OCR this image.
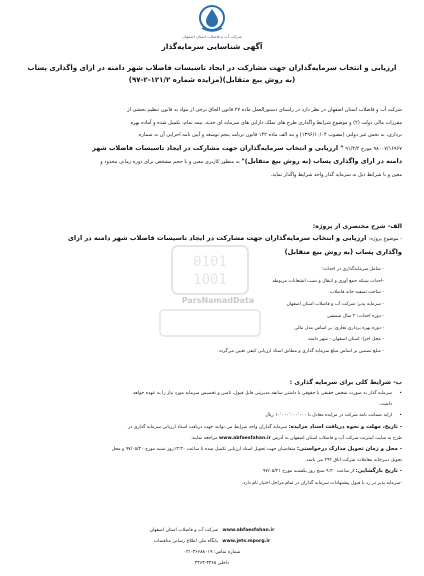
شرکت آب و فاضلاب استان اصفهان
آگهی شناسایی سرمایه‌گذار
ارزیابی و انتخاب سرمایه‌گذاران جهت مشارکت در ایجاد تاسیسات فاضلاب شهر دامنه در ازای واگذاری پساب
(به روش بیع متقابل)(مزایده شماره ۱۲۱/۲-۲-۹۷)
شرکت آب و فاضلاب استان اصفهان در نظر دارد در راستای دستورالعمل ماده ۲۷ قانون الحاق برخی از مواد به قانون تنظیم بخشی از
مقررات مالی دولت (۲) و موضوع شرایط واگذاری طرح های تملک دارایی های سرمایه ای جدید، نیمه تمام، تکمیل شده و آماده بهره
برداری، به بخش غیر دولتی (مصوب ۱۳۹۶/۱۰/۰۴) و بند الف ماده ۱۴۲ قانون برنامه پنجم توسعه و آیین نامه اجرایی آن به شماره
۹۸۰۰۷/۱۶۹۶۷ مورخ ۹۱/۴/۲ " ارزیابی و انتخاب سرمایه‌گذاران جهت مشارکت در ایجاد تاسیسات فاضلاب شهر
دامنه در ازای واگذاری پساب (به روش بیع متقابل)" به منظور کاربری معین و با حجم مشخص برای دوره زمانی محدود و
معین و با شرایط ذیل به سرمایه گذار واجد شرایط واگذار نماید.
0101
1001
ParsNamadData
الف- شرح مختصری از پروژه:
- موضوع پروژه: ارزیابی و انتخاب سرمایه‌گذاران جهت مشارکت در ایجاد تاسیسات فاضلاب شهر دامنه در ازای
واگذاری پساب (به روش بیع متقابل)
- شامل سرمایه‌گذاری در احداث:
-احداث شبکه جمع آوری و انتقال و نصب انشعابات مربوطه
- ساخت تصفیه خانه فاضلاب
- سرمایه پذیر: شرکت آب و فاضلاب استان اصفهان
- دوره احداث: ۲ سال شمسی
- دوره بهره برداری تجاری: بر اساس مدل مالی
- محل اجرا: استان اصفهان - شهر دامنه
- مبلغ تضمین بر اساس مبلغ سرمایه گذاری و مطابق اسناد ارزیابی کیفی تعیین می‌گردد.
ب- شرایط کلی برای سرمایه گذاری :
• سرمایه گذار به صورت شخص حقیقی یا حقوقی با داشتن سابقه مدیریتی قابل قبول، تامین و تخصیص سرمایه مورد نیاز را به عهده خواهد
داشت.
• ارایه ضمانت نامه شرکت در مزایده معادل با ۱۰٬۰۰۰٬۰۰۰٬۰۰۰ ریال
- تاریخ، مهلت و نحوه دریافت اسناد مزایده: سرمایه گذاران واجد شرایط می توانند جهت دریافت اسناد ارزیابی سرمایه گذاری در
طرح به سایت اینترنت شرکت آب و فاضلاب استان اصفهان به آدرس www.abfaesfahan.ir مراجعه نمایند.
- محل و زمان تحویل مدارک درخواستی: متقاضیان جهت تحویل اسناد ارزیابی تکمیل شده تا ساعت ۱۳:۳۰روز شنبه مورخ ۹۷/۰۵/۲۰ و محل
تحویل دبیرخانه معاملات شرکت اتاق ۲۹۲ می باشد.
- تاریخ بازگشایی: از ساعت ۹:۳۰ صبح روز یکشنبه مورخ ۹۷/۰۵/۲۱
-سرمایه پذیر در رد یا قبول پیشنهادات سرمایه گذاران در تمام مراحل اختیار تام دارد.
www.abfaesfahan.ir   شرکت آب و فاضلاب استان اصفهان
www.jets.mporg.ir   پایگاه ملی اطلاع رسانی مناقصات
شماره تماس: ۳۶۶۸۸۰۱۹-۰۳۱
داخلی ۳۳۶۵-۳۳۶۳
